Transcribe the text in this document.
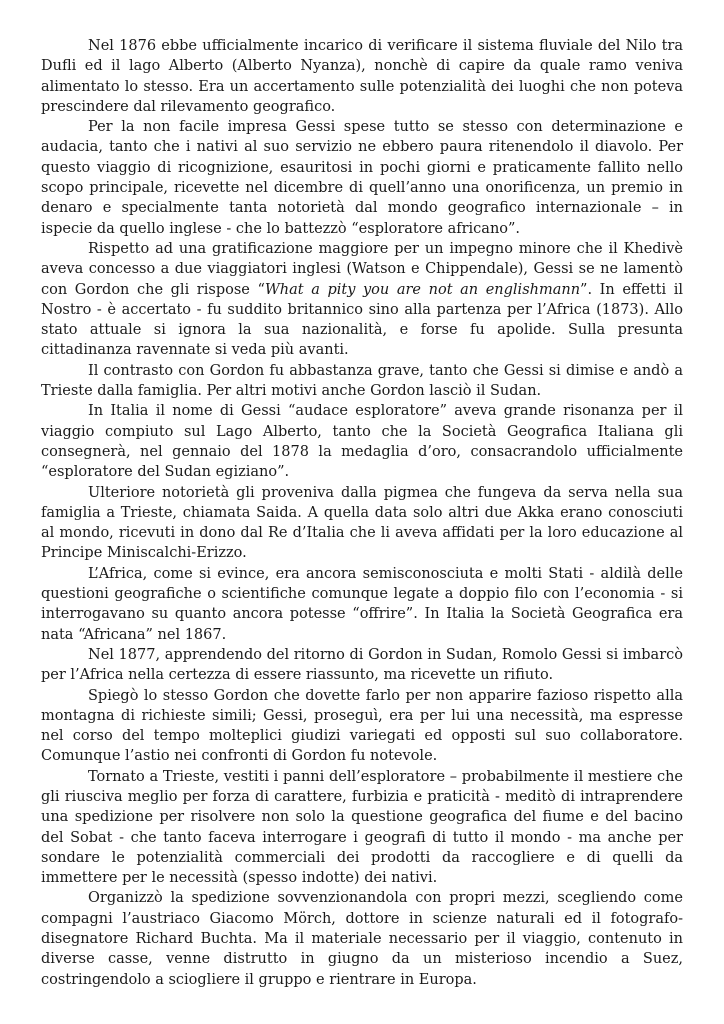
Nel 1876 ebbe ufficialmente incarico di verificare il sistema fluviale del Nilo tra Dufli ed il lago Alberto (Alberto Nyanza), nonchè di capire da quale ramo veniva alimentato lo stesso. Era un accertamento sulle potenzialità dei luoghi che non poteva prescindere dal rilevamento geografico.

Per la non facile impresa Gessi spese tutto se stesso con determinazione e audacia, tanto che i nativi al suo servizio ne ebbero paura ritenendolo il diavolo. Per questo viaggio di ricognizione, esauritosi in pochi giorni e praticamente fallito nello scopo principale, ricevette nel dicembre di quell’anno una onorificenza, un premio in denaro e specialmente tanta notorietà dal mondo geografico internazionale – in ispecie da quello inglese - che lo battezzò “esploratore africano”.

Rispetto ad una gratificazione maggiore per un impegno minore che il Khedivè aveva concesso a due viaggiatori inglesi (Watson e Chippendale), Gessi se ne lamentò con Gordon che gli rispose “What a pity you are not an englishmann”. In effetti il Nostro - è accertato - fu suddito britannico sino alla partenza per l’Africa (1873). Allo stato attuale si ignora la sua nazionalità, e forse fu apolide. Sulla presunta cittadinanza ravennate si veda più avanti.

Il contrasto con Gordon fu abbastanza grave, tanto che Gessi si dimise e andò a Trieste dalla famiglia. Per altri motivi anche Gordon lasciò il Sudan.

In Italia il nome di Gessi “audace esploratore” aveva grande risonanza per il viaggio compiuto sul Lago Alberto, tanto che la Società Geografica Italiana gli consegnerà, nel gennaio del 1878 la medaglia d’oro, consacrandolo ufficialmente “esploratore del Sudan egiziano”.

Ulteriore notorietà gli proveniva dalla pigmea che fungeva da serva nella sua famiglia a Trieste, chiamata Saida. A quella data solo altri due Akka erano conosciuti al mondo, ricevuti in dono dal Re d’Italia che li aveva affidati per la loro educazione al Principe Miniscalchi-Erizzo.

L’Africa, come si evince, era ancora semisconosciuta e molti Stati - aldilà delle questioni geografiche o scientifiche comunque legate a doppio filo con l’economia - si interrogavano su quanto ancora potesse “offrire”. In Italia la Società Geografica era nata “Africana” nel 1867.

Nel 1877, apprendendo del ritorno di Gordon in Sudan, Romolo Gessi si imbarcò per l’Africa nella certezza di essere riassunto, ma ricevette un rifiuto.

Spiegò lo stesso Gordon che dovette farlo per non apparire fazioso rispetto alla montagna di richieste simili; Gessi, proseguì, era per lui una necessità, ma espresse nel corso del tempo molteplici giudizi variegati ed opposti sul suo collaboratore. Comunque l’astio nei confronti di Gordon fu notevole.

Tornato a Trieste, vestiti i panni dell’esploratore – probabilmente il mestiere che gli riusciva meglio per forza di carattere, furbizia e praticità - meditò di intraprendere una spedizione per risolvere non solo la questione geografica del fiume e del bacino del Sobat - che tanto faceva interrogare i geografi di tutto il mondo - ma anche per sondare le potenzialità commerciali dei prodotti da raccogliere e di quelli da immettere per le necessità (spesso indotte) dei nativi.

Organizzò la spedizione sovvenzionandola con propri mezzi, scegliendo come compagni l’austriaco Giacomo Mörch, dottore in scienze naturali ed il fotografo-disegnatore Richard Buchta. Ma il materiale necessario per il viaggio, contenuto in diverse casse, venne distrutto in giugno da un misterioso incendio a Suez, costringendolo a sciogliere il gruppo e rientrare in Europa.
